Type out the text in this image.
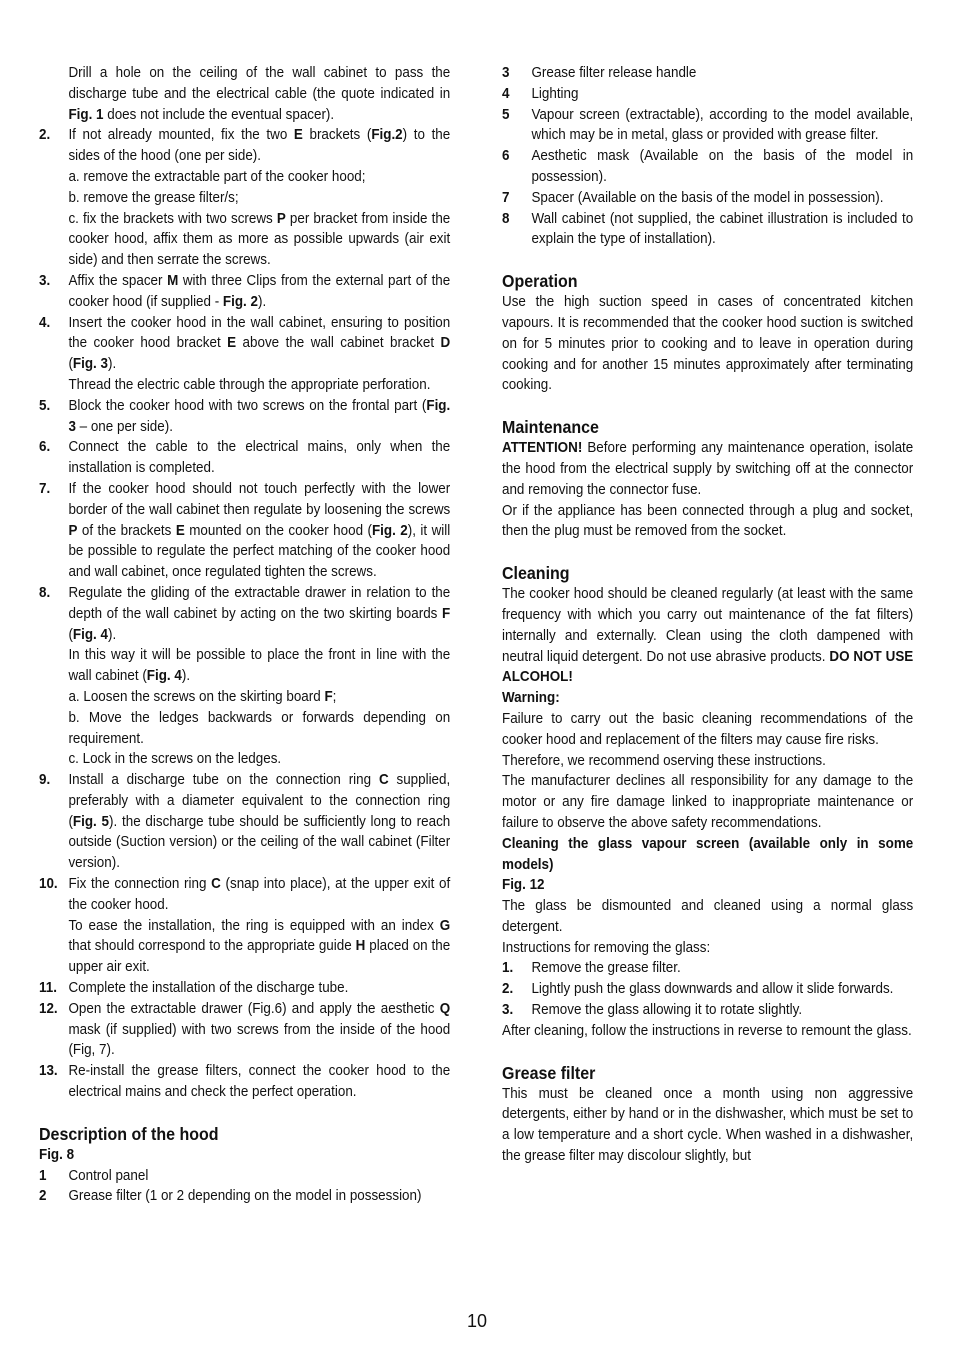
Drill a hole on the ceiling of the wall cabinet to pass the discharge tube and the electrical cable (the quote indicated in Fig. 1 does not include the eventual spacer).
2.	If not already mounted, fix the two E brackets (Fig.2) to the sides of the hood (one per side).
a. remove the extractable part of the cooker hood;
b. remove the grease filter/s;
c. fix the brackets with two screws P per bracket from inside the cooker hood, affix them as more as possible upwards (air exit side) and then serrate the screws.
3.	Affix the spacer M with three Clips from the external part of the cooker hood (if supplied - Fig. 2).
4.	Insert the cooker hood in the wall cabinet, ensuring to position the cooker hood bracket E above the wall cabinet bracket D (Fig. 3).
Thread the electric cable through the appropriate perforation.
5.	Block the cooker hood with two screws on the frontal part (Fig. 3 – one per side).
6.	Connect the cable to the electrical mains, only when the installation is completed.
7.	If the cooker hood should not touch perfectly with the lower border of the wall cabinet then regulate by loosening the screws P of the brackets E mounted on the cooker hood (Fig. 2), it will be possible to regulate the perfect matching of the cooker hood and wall cabinet, once regulated tighten the screws.
8.	Regulate the gliding of the extractable drawer in relation to the depth of the wall cabinet by acting on the two skirting boards F (Fig. 4).
In this way it will be possible to place the front in line with the wall cabinet (Fig. 4).
a. Loosen the screws on the skirting board F;
b. Move the ledges backwards or forwards depending on requirement.
c. Lock in the screws on the ledges.
9.	Install a discharge tube on the connection ring C supplied, preferably with a diameter equivalent to the connection ring (Fig. 5). the discharge tube should be sufficiently long to reach outside (Suction version) or the ceiling of the wall cabinet (Filter version).
10. Fix the connection ring C (snap into place), at the upper exit of the cooker hood.
To ease the installation, the ring is equipped with an index G that should correspond to the appropriate guide H placed on the upper air exit.
11. Complete the installation of the discharge tube.
12. Open the extractable drawer (Fig.6) and apply the aesthetic Q mask (if supplied) with two screws from the inside of the hood (Fig, 7).
13. Re-install the grease filters, connect the cooker hood to the electrical mains and check the perfect operation.
Description of the hood
Fig. 8
1	Control panel
2	Grease filter (1 or 2 depending on the model in possession)
3	Grease filter release handle
4	Lighting
5	Vapour screen (extractable), according to the model available, which may be in metal, glass or provided with grease filter.
6	Aesthetic mask (Available on the basis of the model in possession).
7	Spacer (Available on the basis of the model in possession).
8	Wall cabinet (not supplied, the cabinet illustration is included to explain the type of installation).
Operation
Use the high suction speed in cases of concentrated kitchen vapours. It is recommended that the cooker hood suction is switched on for 5 minutes prior to cooking and to leave in operation during cooking and for another 15 minutes approximately after terminating cooking.
Maintenance
ATTENTION! Before performing any maintenance operation, isolate the hood from the electrical supply by switching off at the connector and removing the connector fuse.
Or if the appliance has been connected through a plug and socket, then the plug must be removed from the socket.
Cleaning
The cooker hood should be cleaned regularly (at least with the same frequency with which you carry out maintenance of the fat filters) internally and externally. Clean using the cloth dampened with neutral liquid detergent. Do not use abrasive products. DO NOT USE ALCOHOL!
Warning:
Failure to carry out the basic cleaning recommendations of the cooker hood and replacement of the filters may cause fire risks.
Therefore, we recommend oserving these instructions.
The manufacturer declines all responsibility for any damage to the motor or any fire damage linked to inappropriate maintenance or failure to observe the above safety recommendations.
Cleaning the glass vapour screen (available only in some models)
Fig. 12
The glass be dismounted and cleaned using a normal glass detergent.
Instructions for removing the glass:
1.	Remove the grease filter.
2.	Lightly push the glass downwards and allow it slide forwards.
3.	Remove the glass allowing it to rotate slightly.
After cleaning, follow the instructions in reverse to remount the glass.
Grease filter
This must be cleaned once a month using non aggressive detergents, either by hand or in the dishwasher, which must be set to a low temperature and a short cycle. When washed in a dishwasher, the grease filter may discolour slightly, but
10
